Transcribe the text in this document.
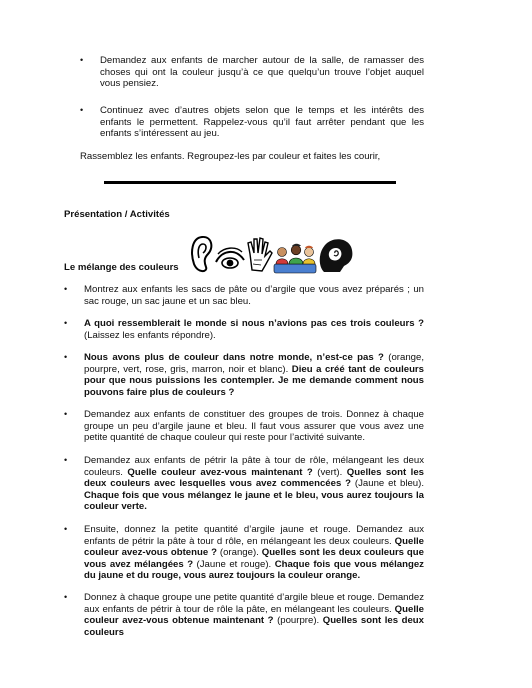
•	Demandez aux enfants de marcher autour de la salle, de ramasser des choses qui ont la couleur jusqu’à ce que quelqu’un trouve l’objet auquel vous pensiez.
•	Continuez avec d’autres objets selon que le temps et les intérêts des enfants le permettent. Rappelez-vous qu’il faut arrêter pendant que les enfants s’intéressent au jeu.
Rassemblez les enfants. Regroupez-les par couleur et faites les courir,
Présentation / Activités
Le mélange des couleurs
•	Montrez aux enfants les sacs de pâte ou d’argile que vous avez préparés ; un sac rouge, un sac jaune et un sac bleu.
•	A quoi ressemblerait le monde si nous n’avions pas ces trois couleurs ? (Laissez les enfants répondre).
•	Nous avons plus de couleur dans notre monde, n’est-ce pas ? (orange, pourpre, vert, rose, gris, marron, noir et blanc). Dieu a créé tant de couleurs pour que nous puissions les contempler. Je me demande comment nous pouvons faire plus de couleurs ?
•	Demandez aux enfants de constituer des groupes de trois. Donnez à chaque groupe un peu d’argile jaune et bleu. Il faut vous assurer que vous avez une petite quantité de chaque couleur qui reste pour l’activité suivante.
•	Demandez aux enfants de pétrir la pâte à tour de rôle, mélangeant les deux couleurs. Quelle couleur avez-vous maintenant ? (vert). Quelles sont les deux couleurs avec lesquelles vous avez commencées ? (Jaune et bleu). Chaque fois que vous mélangez le jaune et le bleu, vous aurez toujours la couleur verte.
•	Ensuite, donnez la petite quantité d’argile jaune et rouge. Demandez aux enfants de pétrir la pâte à tour d rôle, en mélangeant les deux couleurs. Quelle couleur avez-vous obtenue ? (orange). Quelles sont les deux couleurs que vous avez mélangées ? (Jaune et rouge). Chaque fois que vous mélangez du jaune et du rouge, vous aurez toujours la couleur orange.
•	Donnez à chaque groupe une petite quantité d’argile bleue et rouge. Demandez aux enfants de pétrir à tour de rôle la pâte, en mélangeant les couleurs. Quelle couleur avez-vous obtenue maintenant ? (pourpre). Quelles sont les deux couleurs
